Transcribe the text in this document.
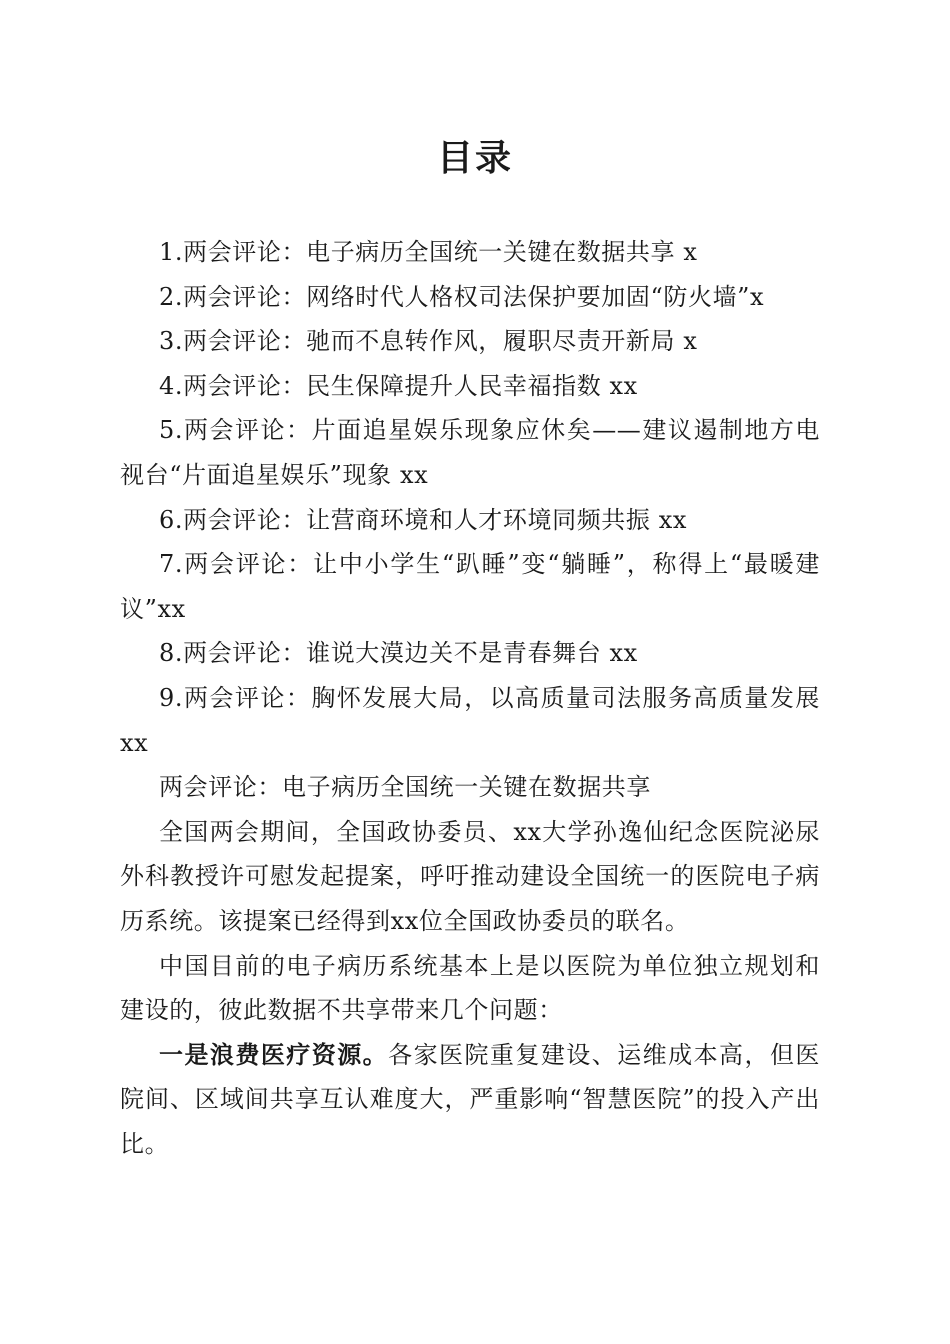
目录

1.两会评论：电子病历全国统一关键在数据共享 x

2.两会评论：网络时代人格权司法保护要加固“防火墙”x

3.两会评论：驰而不息转作风，履职尽责开新局 x

4.两会评论：民生保障提升人民幸福指数 xx

5.两会评论：片面追星娱乐现象应休矣——建议遏制地方电视台“片面追星娱乐”现象 xx

6.两会评论：让营商环境和人才环境同频共振 xx

7.两会评论：让中小学生“趴睡”变“躺睡”，称得上“最暖建议”xx

8.两会评论：谁说大漠边关不是青春舞台 xx

9.两会评论：胸怀发展大局，以高质量司法服务高质量发展 xx

两会评论：电子病历全国统一关键在数据共享

全国两会期间，全国政协委员、xx大学孙逸仙纪念医院泌尿外科教授许可慰发起提案，呼吁推动建设全国统一的医院电子病历系统。该提案已经得到xx位全国政协委员的联名。

中国目前的电子病历系统基本上是以医院为单位独立规划和建设的，彼此数据不共享带来几个问题：

一是浪费医疗资源。各家医院重复建设、运维成本高，但医院间、区域间共享互认难度大，严重影响“智慧医院”的投入产出比。
